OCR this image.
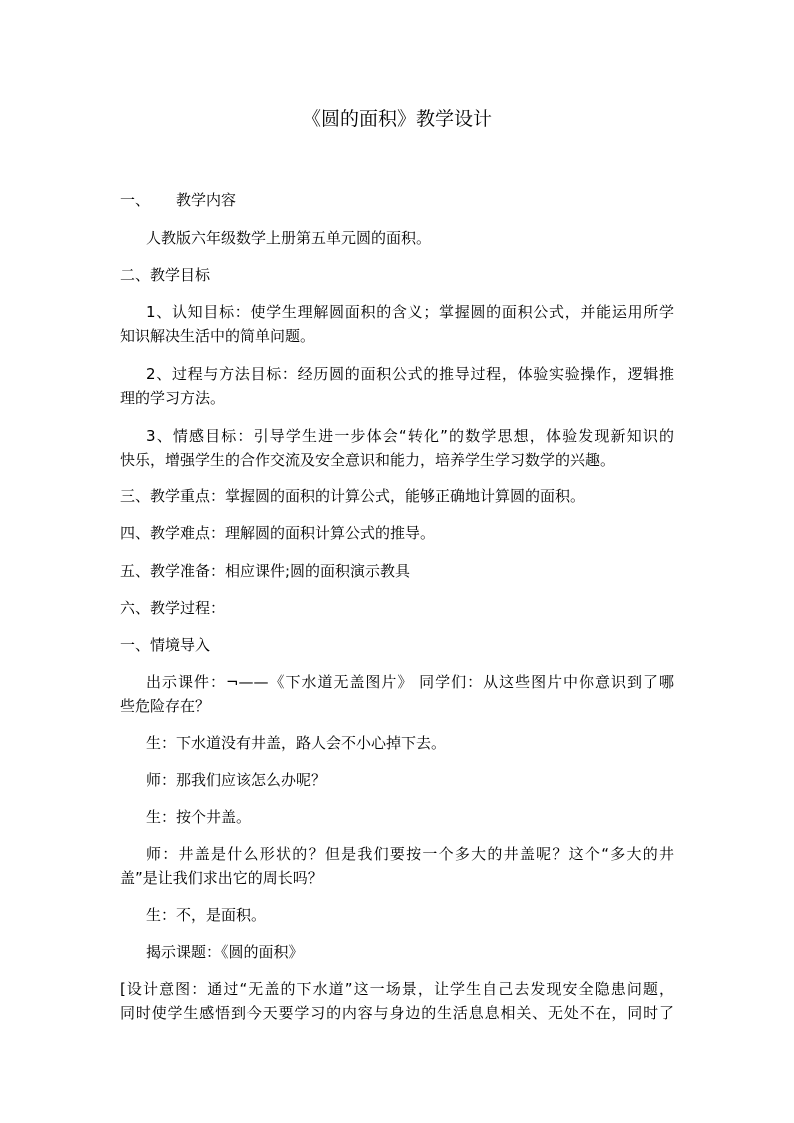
《圆的面积》教学设计
一、 教学内容
人教版六年级数学上册第五单元圆的面积。
二、教学目标
1、认知目标：使学生理解圆面积的含义；掌握圆的面积公式，并能运用所学
知识解决生活中的简单问题。
2、过程与方法目标：经历圆的面积公式的推导过程，体验实验操作，逻辑推
理的学习方法。
3、情感目标：引导学生进一步体会“转化”的数学思想，体验发现新知识的
快乐，增强学生的合作交流及安全意识和能力，培养学生学习数学的兴趣。
三、教学重点：掌握圆的面积的计算公式，能够正确地计算圆的面积。
四、教学难点：理解圆的面积计算公式的推导。
五、教学准备：相应课件;圆的面积演示教具
六、教学过程：
一、情境导入
出示课件：¬——《下水道无盖图片》 同学们：从这些图片中你意识到了哪
些危险存在？
生：下水道没有井盖，路人会不小心掉下去。
师：那我们应该怎么办呢？
生：按个井盖。
师：井盖是什么形状的？但是我们要按一个多大的井盖呢？这个“多大的井
盖”是让我们求出它的周长吗？
生：不，是面积。
揭示课题：《圆的面积》
[设计意图：通过“无盖的下水道”这一场景，让学生自己去发现安全隐患问题，
同时使学生感悟到今天要学习的内容与身边的生活息息相关、无处不在，同时了
